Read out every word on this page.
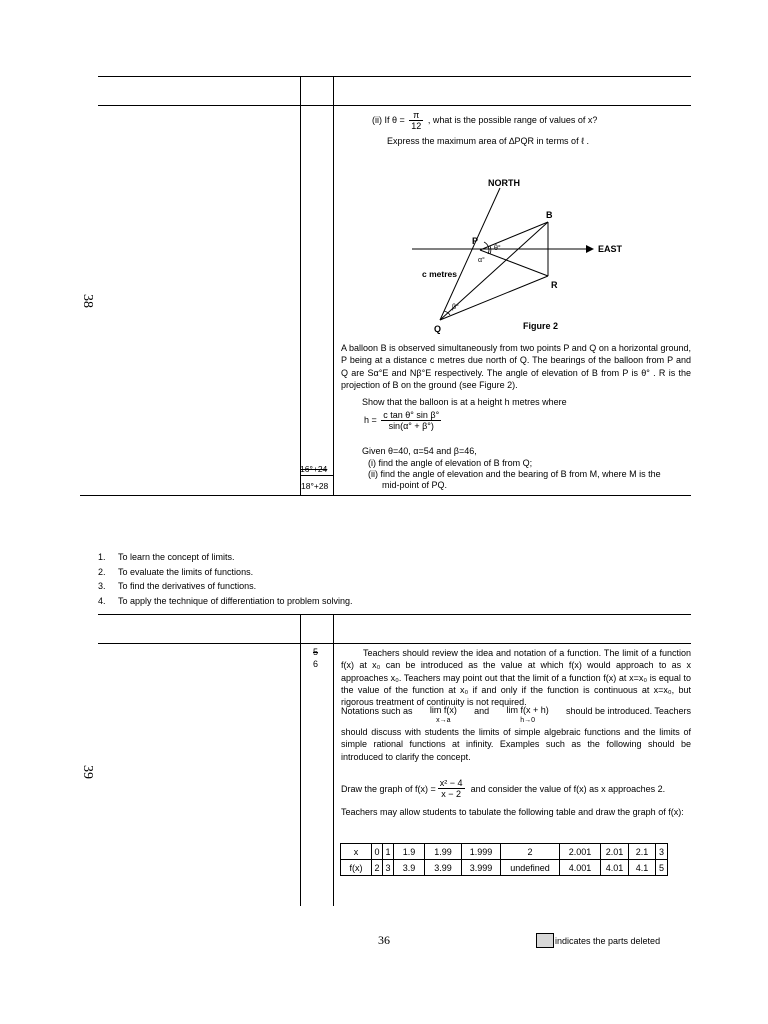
38
(ii) If $\theta = \frac{\pi}{12}$ , what is the possible range of values of x?
Express the maximum area of ∆PQR in terms of ℓ .
NORTH
EAST
B
P
Q
R
θ°
α°
β°
c metres
Figure 2
A balloon B is observed simultaneously from two points P and Q on a horizontal ground, P being at a distance c metres due north of Q. The bearings of the balloon from P and Q are Sα°E and Nβ°E respectively. The angle of elevation of B from P is θ° . R is the projection of B on the ground (see Figure 2).
Show that the balloon is at a height h metres where
$h = \frac{\text{c tan θ° sin β°}}{\sin(\alpha^\circ + \beta^\circ)}$
Given θ=40, α=54 and β=46,
(i) find the angle of elevation of B from Q;
(ii) find the angle of elevation and the bearing of B from M, where M is the
mid-point of PQ.
16°+24
18°+28
1.	To learn the concept of limits.
2.	To evaluate the limits of functions.
3.	To find the derivatives of functions.
4.	To apply the technique of differentiation to problem solving.
39
5
6
Teachers should review the idea and notation of a function. The limit of a function f(x) at x₀ can be introduced as the value at which f(x) would approach to as x approaches x₀. Teachers may point out that the limit of a function f(x) at x=x₀ is equal to the value of the function at x₀ if and only if the function is continuous at x=x₀, but rigorous treatment of continuity is not required.
Notations such as lim f(x)
x→a
and lim f(x + h)
h→0
should be introduced. Teachers
should discuss with students the limits of simple algebraic functions and the limits of simple rational functions at infinity. Examples such as the following should be introduced to clarify the concept.
Draw the graph of $f(x) = \frac{\text{x² − 4}}{x - 2}$ and consider the value of f(x) as x approaches 2.
Teachers may allow students to tabulate the following table and draw the graph of f(x):
x	0	1	1.9	1.99	1.999	2	2.001	2.01	2.1	3
f(x)	2	3	3.9	3.99	3.999	undefined	4.001	4.01	4.1	5
36	indicates the parts deleted
